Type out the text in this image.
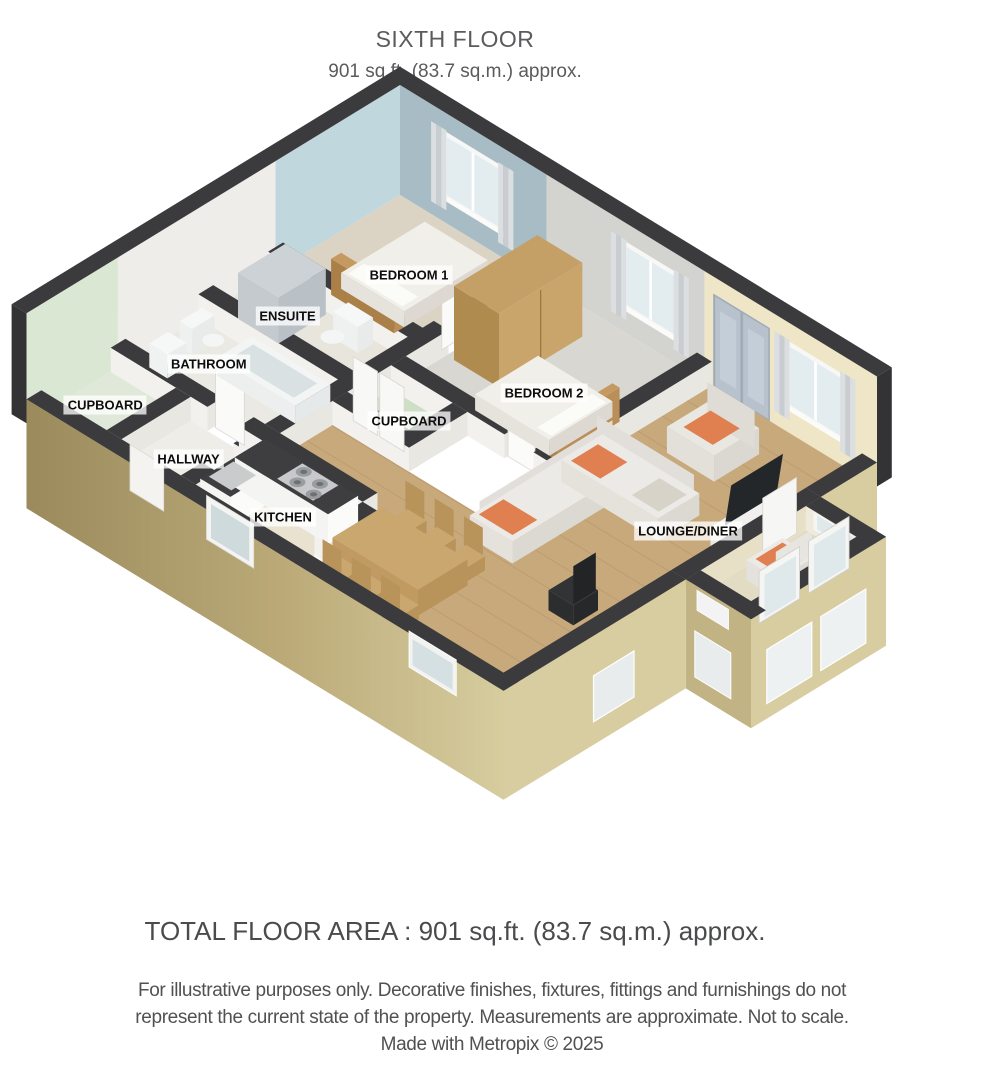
SIXTH FLOOR
901 sq.ft. (83.7 sq.m.) approx.
BEDROOM 1
ENSUITE
BATHROOM
CUPBOARD
HALLWAY
KITCHEN
CUPBOARD
BEDROOM 2
LOUNGE/DINER
TOTAL FLOOR AREA : 901 sq.ft. (83.7 sq.m.) approx.
For illustrative purposes only. Decorative finishes, fixtures, fittings and furnishings do not
represent the current state of the property. Measurements are approximate. Not to scale.
Made with Metropix © 2025
